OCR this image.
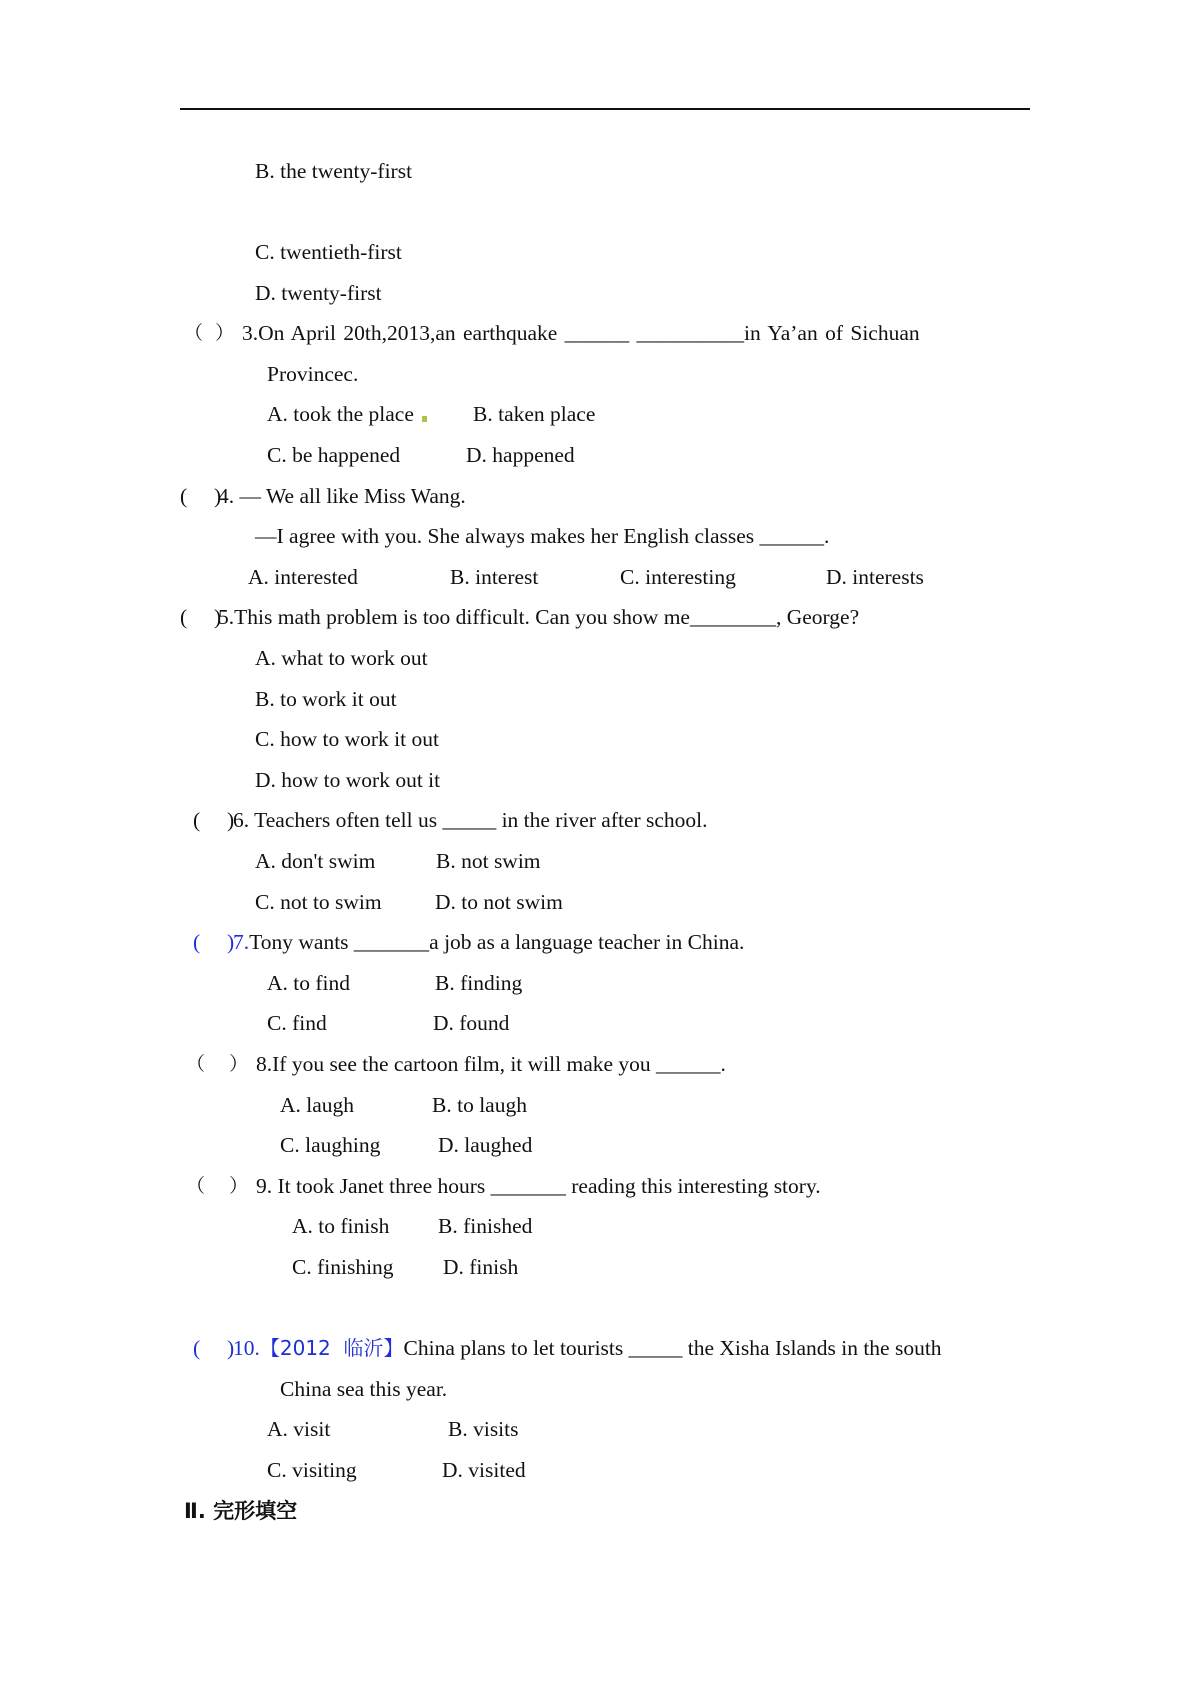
B. the twenty-first
C. twentieth-first
D. twenty-first
（  ） 3.On April 20th,2013,an earthquake ______ __________in Ya’an of Sichuan
Provincec.
A. took the place	B. taken place
C. be happened	D. happened
(     )
4. — We all like Miss Wang.
—I agree with you. She always makes her English classes ______.
A. interested	B. interest	C. interesting	D. interests
(     )
5.This math problem is too difficult. Can you show me________, George?
A. what to work out
B. to work it out
C. how to work it out
D. how to work out it
(     )
6. Teachers often tell us _____ in the river after school.
A. don't swim	B. not swim
C. not to swim D. to not swim
(     )
7.Tony wants _______a job as a language teacher in China.
A. to find	B. finding
C. find	D. found
（    ） 8.If you see the cartoon film, it will make you ______.
A. laugh	B. to laugh
C. laughing	D. laughed
（    ） 9. It took Janet three hours _______ reading this interesting story.
A. to finish B. finished
C. finishing D. finish
(     )
10.【2012  临沂】China plans to let tourists _____ the Xisha Islands in the south
China sea this year.
A. visit	B. visits
C. visiting	D. visited
Ⅱ. 完形填空
